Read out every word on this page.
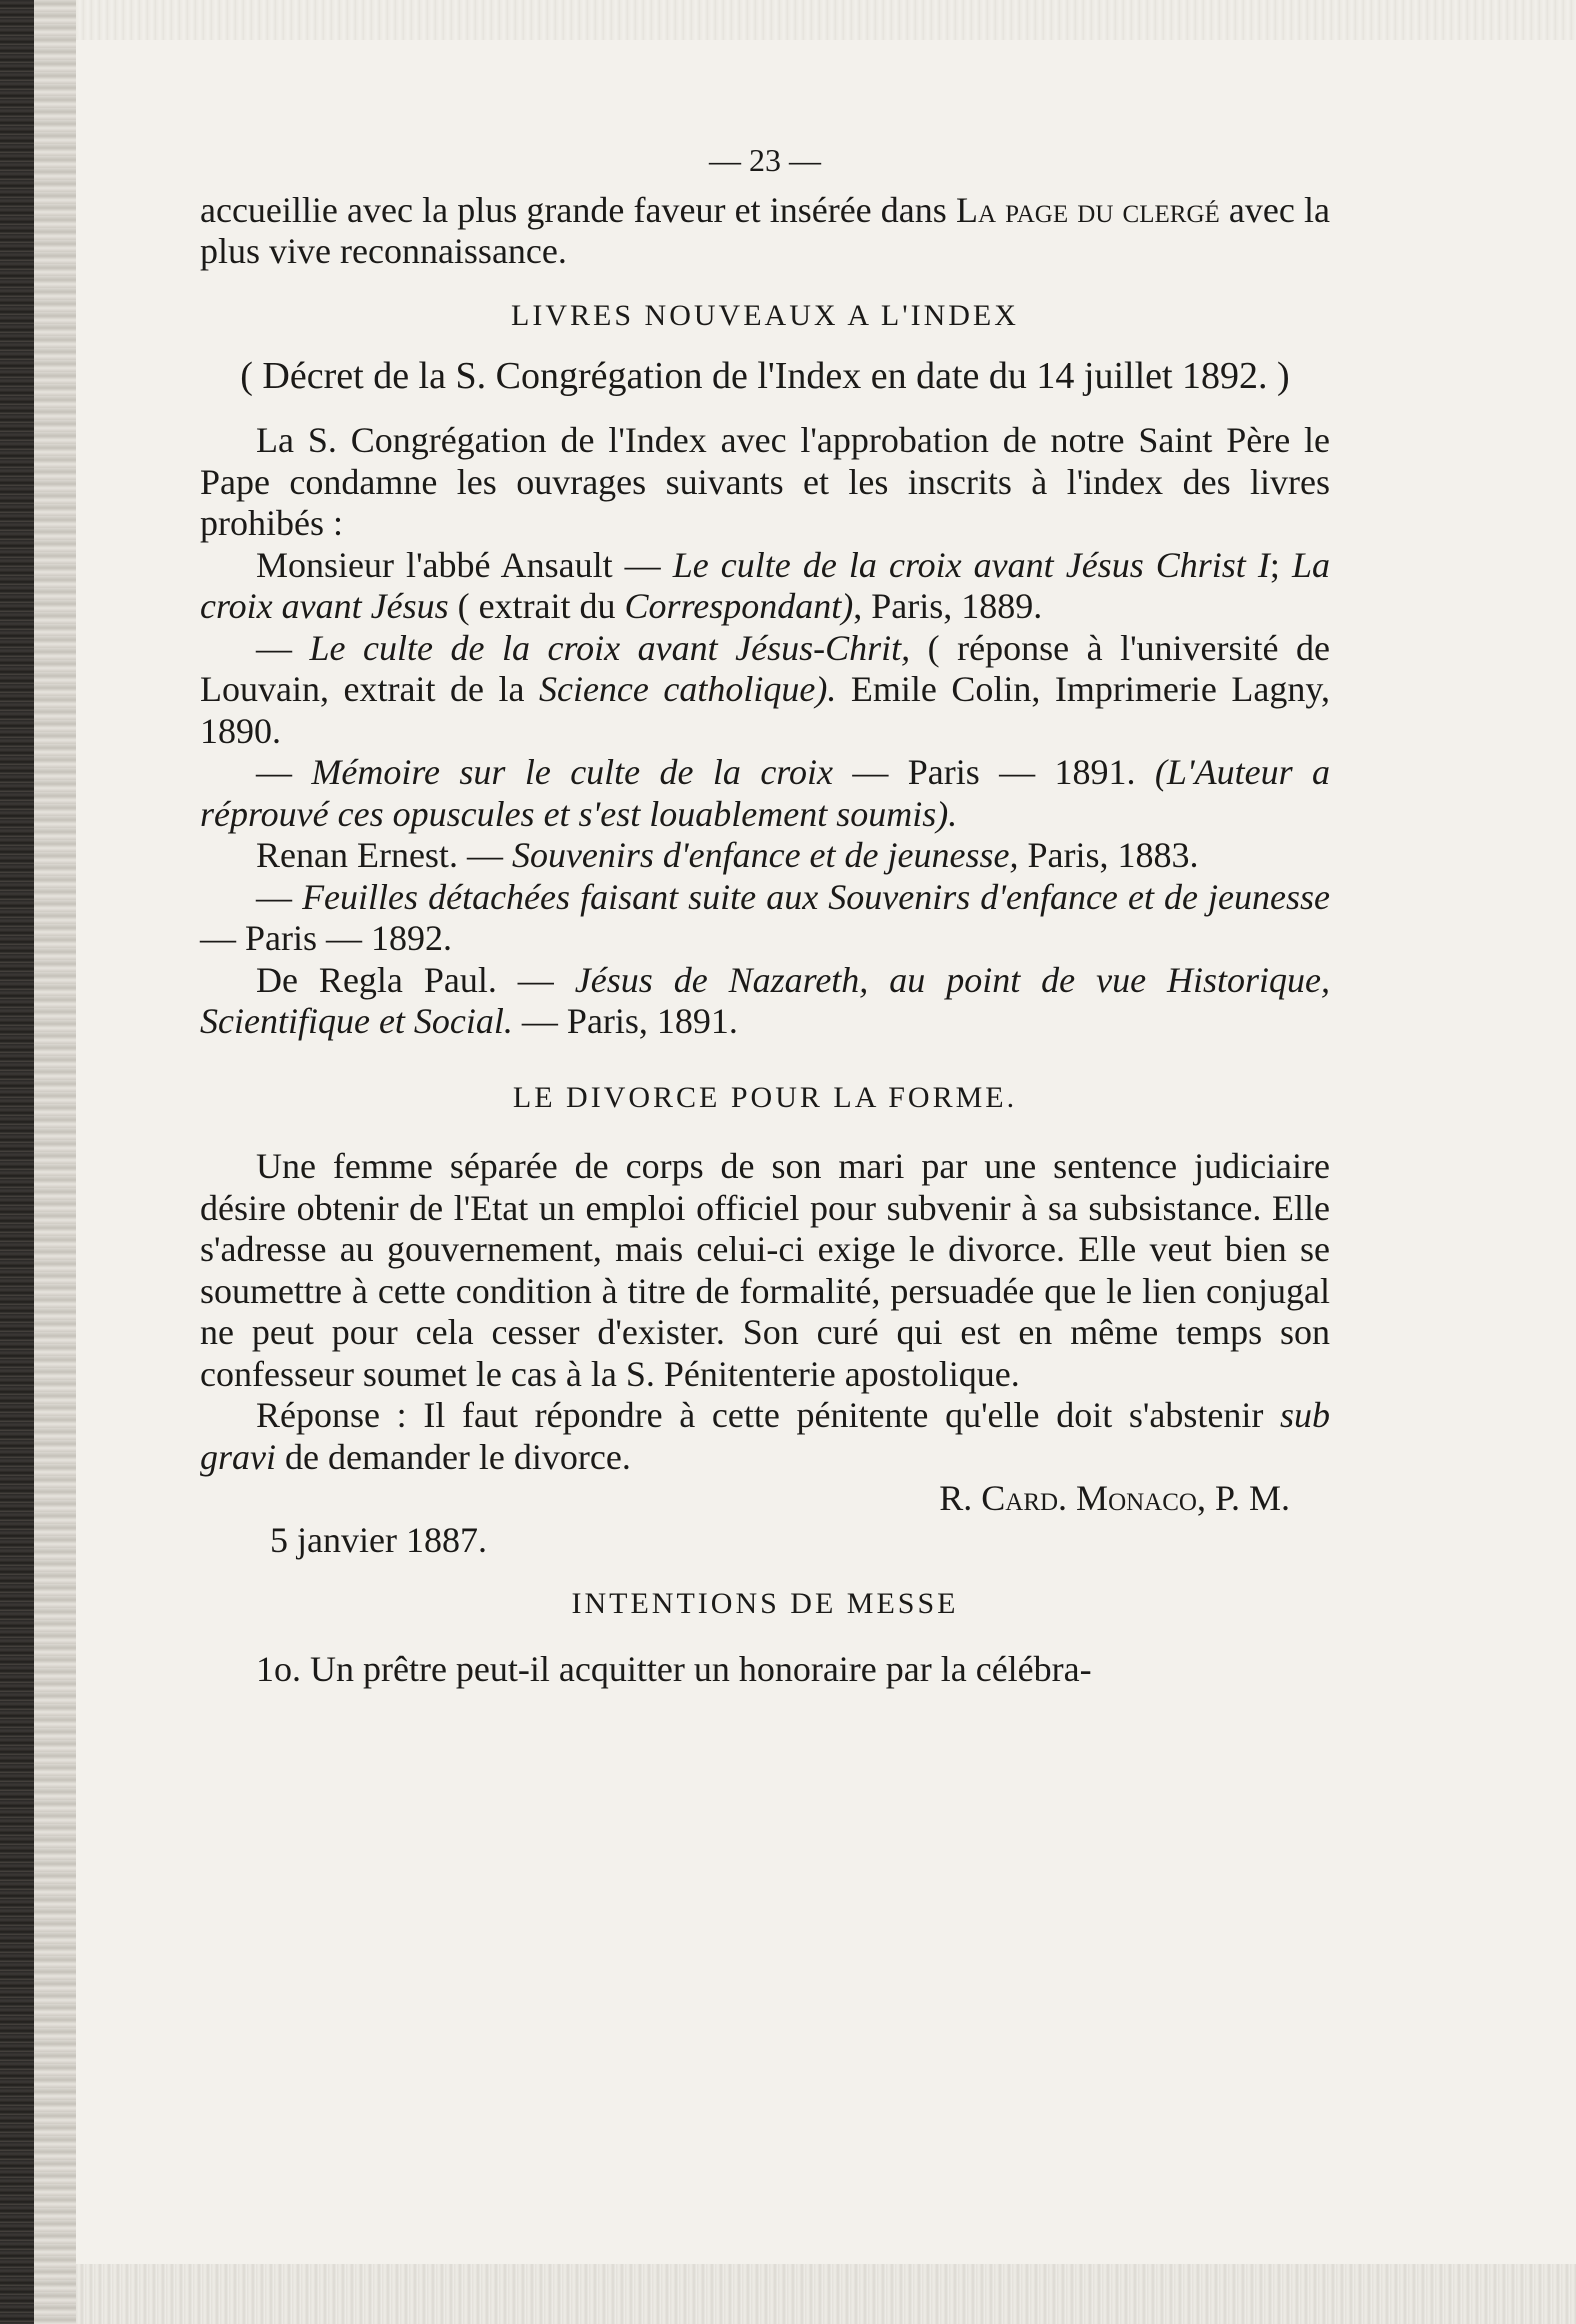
— 23 —

accueillie avec la plus grande faveur et insérée dans La page du clergé avec la plus vive reconnaissance.

LIVRES NOUVEAUX A L'INDEX
( Décret de la S. Congrégation de l'Index en date du 14 juillet 1892. )

La S. Congrégation de l'Index avec l'approbation de notre Saint Père le Pape condamne les ouvrages suivants et les inscrits à l'index des livres prohibés :

Monsieur l'abbé Ansault — Le culte de la croix avant Jésus Christ I; La croix avant Jésus ( extrait du Correspondant), Paris, 1889.

— Le culte de la croix avant Jésus-Chrit, ( réponse à l'université de Louvain, extrait de la Science catholique). Emile Colin, Imprimerie Lagny, 1890.

— Mémoire sur le culte de la croix — Paris — 1891. (L'Auteur a réprouvé ces opuscules et s'est louablement soumis).

Renan Ernest. — Souvenirs d'enfance et de jeunesse, Paris, 1883.

— Feuilles détachées faisant suite aux Souvenirs d'enfance et de jeunesse — Paris — 1892.

De Regla Paul. — Jésus de Nazareth, au point de vue Historique, Scientifique et Social. — Paris, 1891.

LE DIVORCE POUR LA FORME.

Une femme séparée de corps de son mari par une sentence judiciaire désire obtenir de l'Etat un emploi officiel pour subvenir à sa subsistance. Elle s'adresse au gouvernement, mais celui-ci exige le divorce. Elle veut bien se soumettre à cette condition à titre de formalité, persuadée que le lien conjugal ne peut pour cela cesser d'exister. Son curé qui est en même temps son confesseur soumet le cas à la S. Pénitenterie apostolique.

Réponse : Il faut répondre à cette pénitente qu'elle doit s'abstenir sub gravi de demander le divorce.

R. Card. Monaco, P. M.

5 janvier 1887.

INTENTIONS DE MESSE

1o. Un prêtre peut-il acquitter un honoraire par la célébra-
